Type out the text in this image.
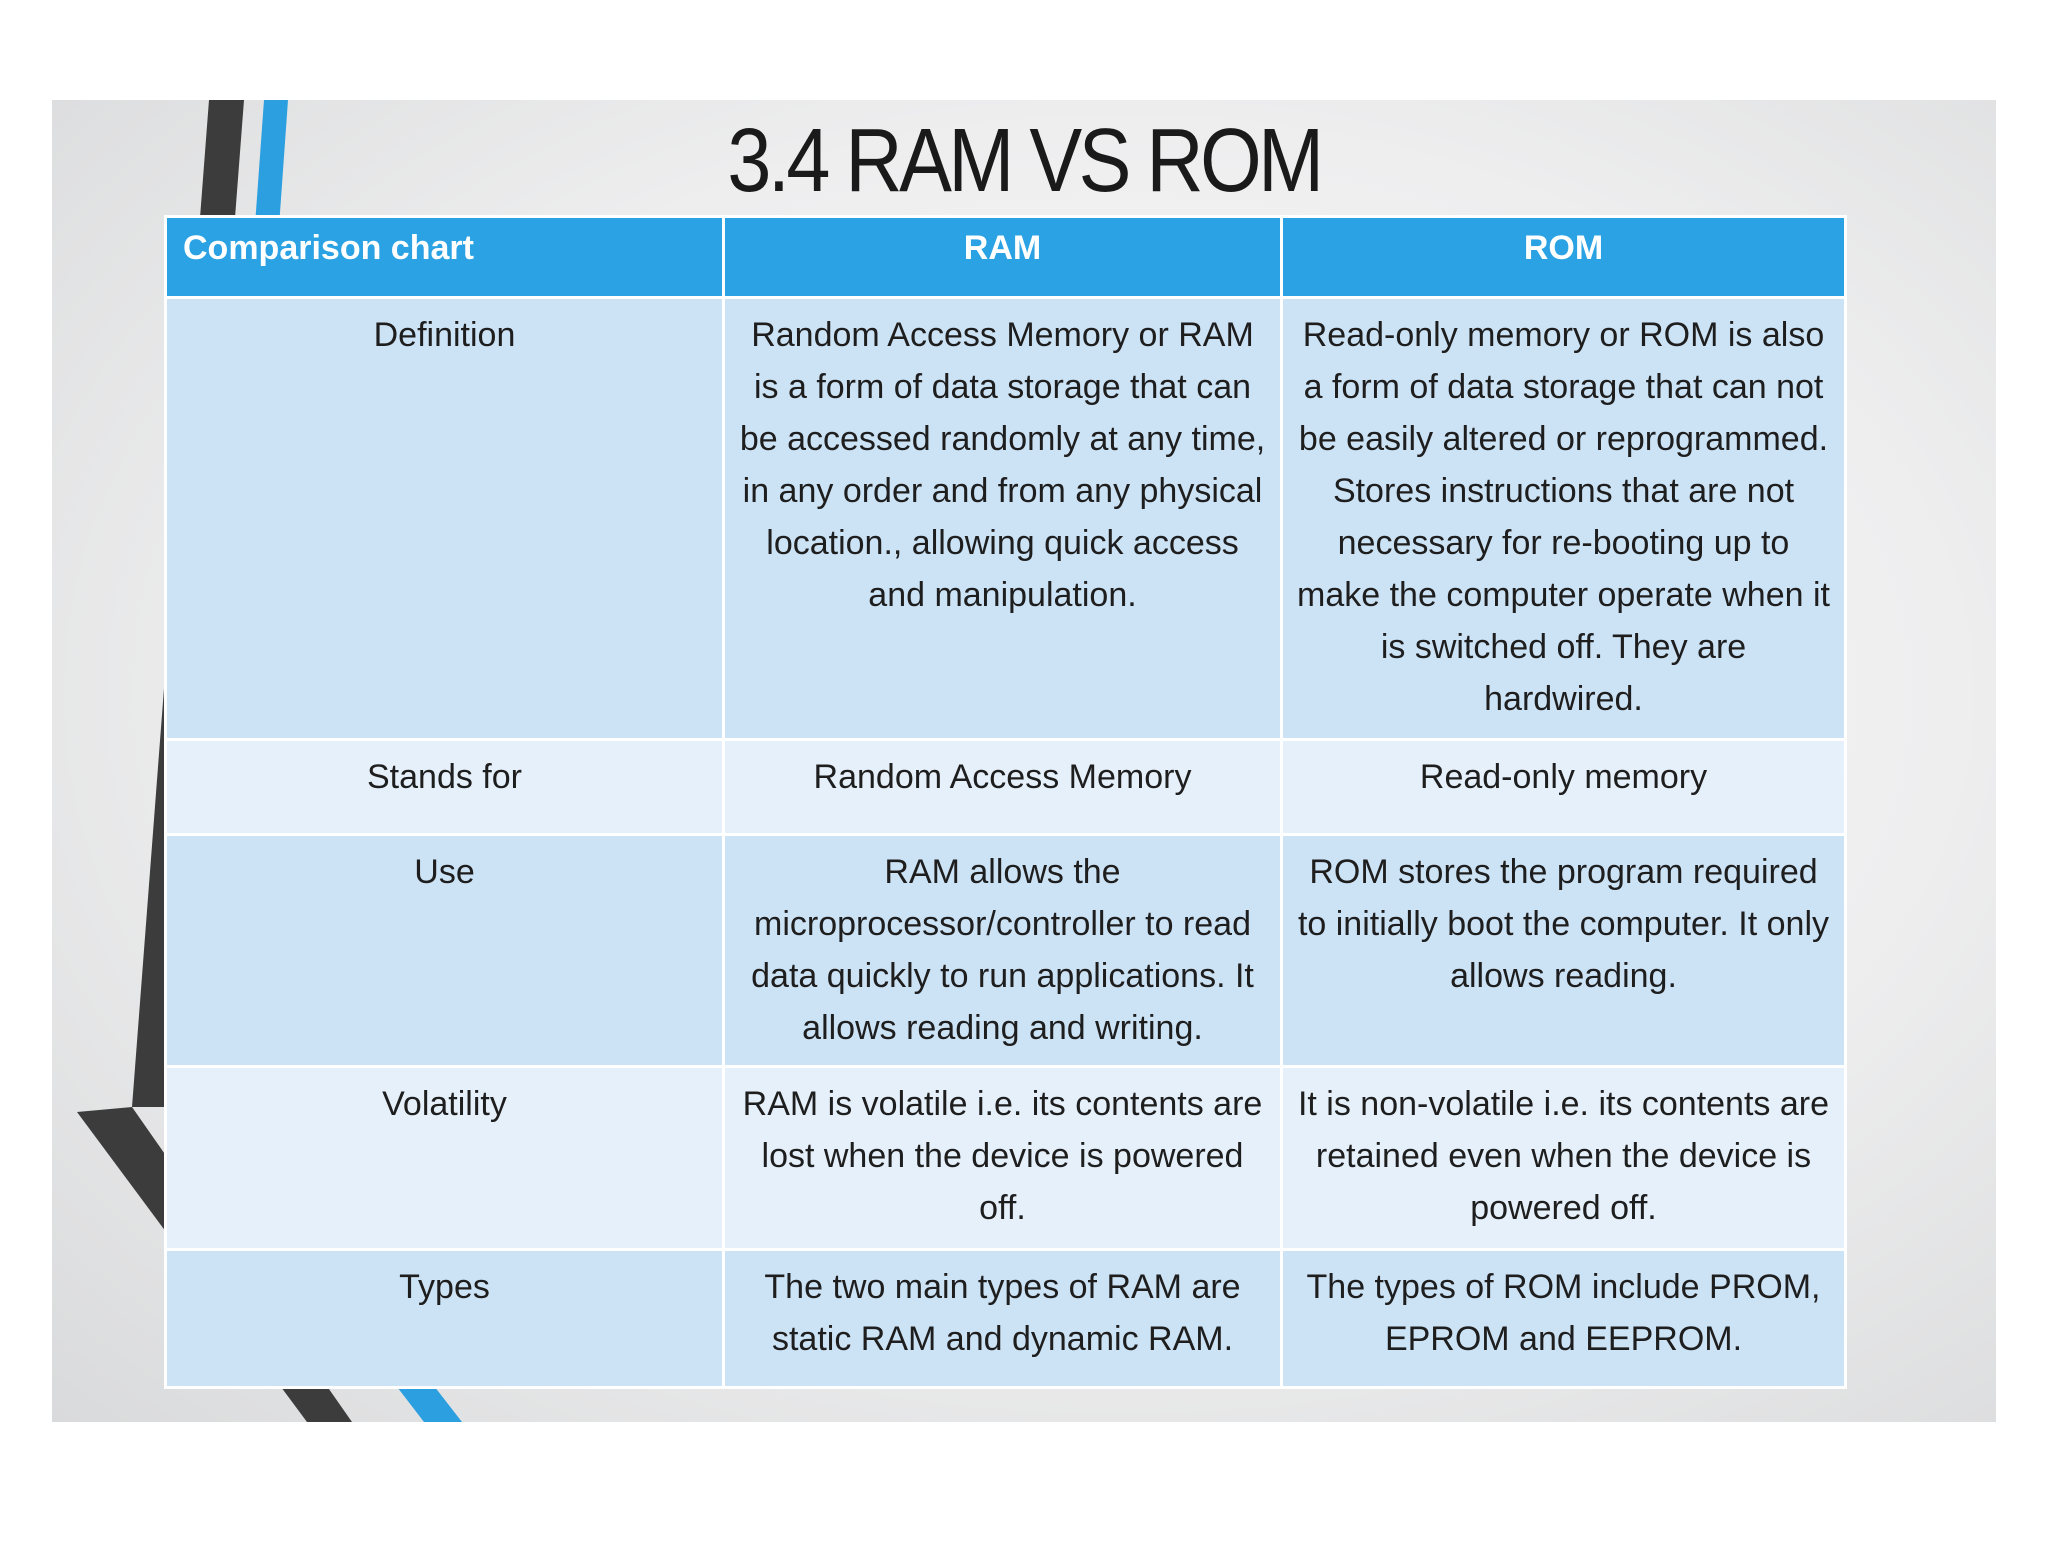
3.4 RAM VS ROM
Comparison chart	RAM	ROM
Definition	Random Access Memory or RAM is a form of data storage that can be accessed randomly at any time, in any order and from any physical location., allowing quick access and manipulation.	Read-only memory or ROM is also a form of data storage that can not be easily altered or reprogrammed. Stores instructions that are not necessary for re-booting up to make the computer operate when it is switched off. They are hardwired.
Stands for	Random Access Memory	Read-only memory
Use	RAM allows the microprocessor/controller to read data quickly to run applications. It allows reading and writing.	ROM stores the program required to initially boot the computer. It only allows reading.
Volatility	RAM is volatile i.e. its contents are lost when the device is powered off.	It is non-volatile i.e. its contents are retained even when the device is powered off.
Types	The two main types of RAM are static RAM and dynamic RAM.	The types of ROM include PROM, EPROM and EEPROM.
